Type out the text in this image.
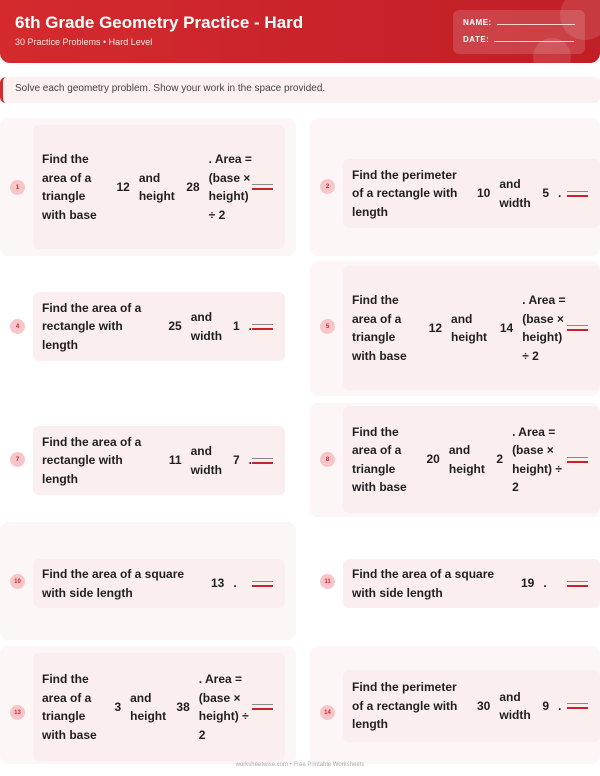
6th Grade Geometry Practice - Hard
30 Practice Problems • Hard Level
NAME:
DATE:
Solve each geometry problem. Show your work in the space provided.
1
Find the area of a triangle with base
12
and height
28
. Area = (base × height) ÷ 2
2
Find the perimeter of a rectangle with length
10
and width
5 .
4
Find the area of a rectangle with length
25
and width
1 .	5
Find the area of a triangle with base
12
and height
14
. Area = (base × height) ÷ 2
7
Find the area of a rectangle with length
11
and width
7 .	8
Find the area of a triangle with base
20
and height
2
. Area = (base × height) ÷ 2
10
Find the area of a square with side length
13 .	11
Find the area of a square with side length
19 .
13
Find the area of a triangle with base
3
and height
38
. Area = (base × height) ÷ 2
14
Find the perimeter of a rectangle with length
30
and width
9 .
worksheetwise.com • Free Printable Worksheets
